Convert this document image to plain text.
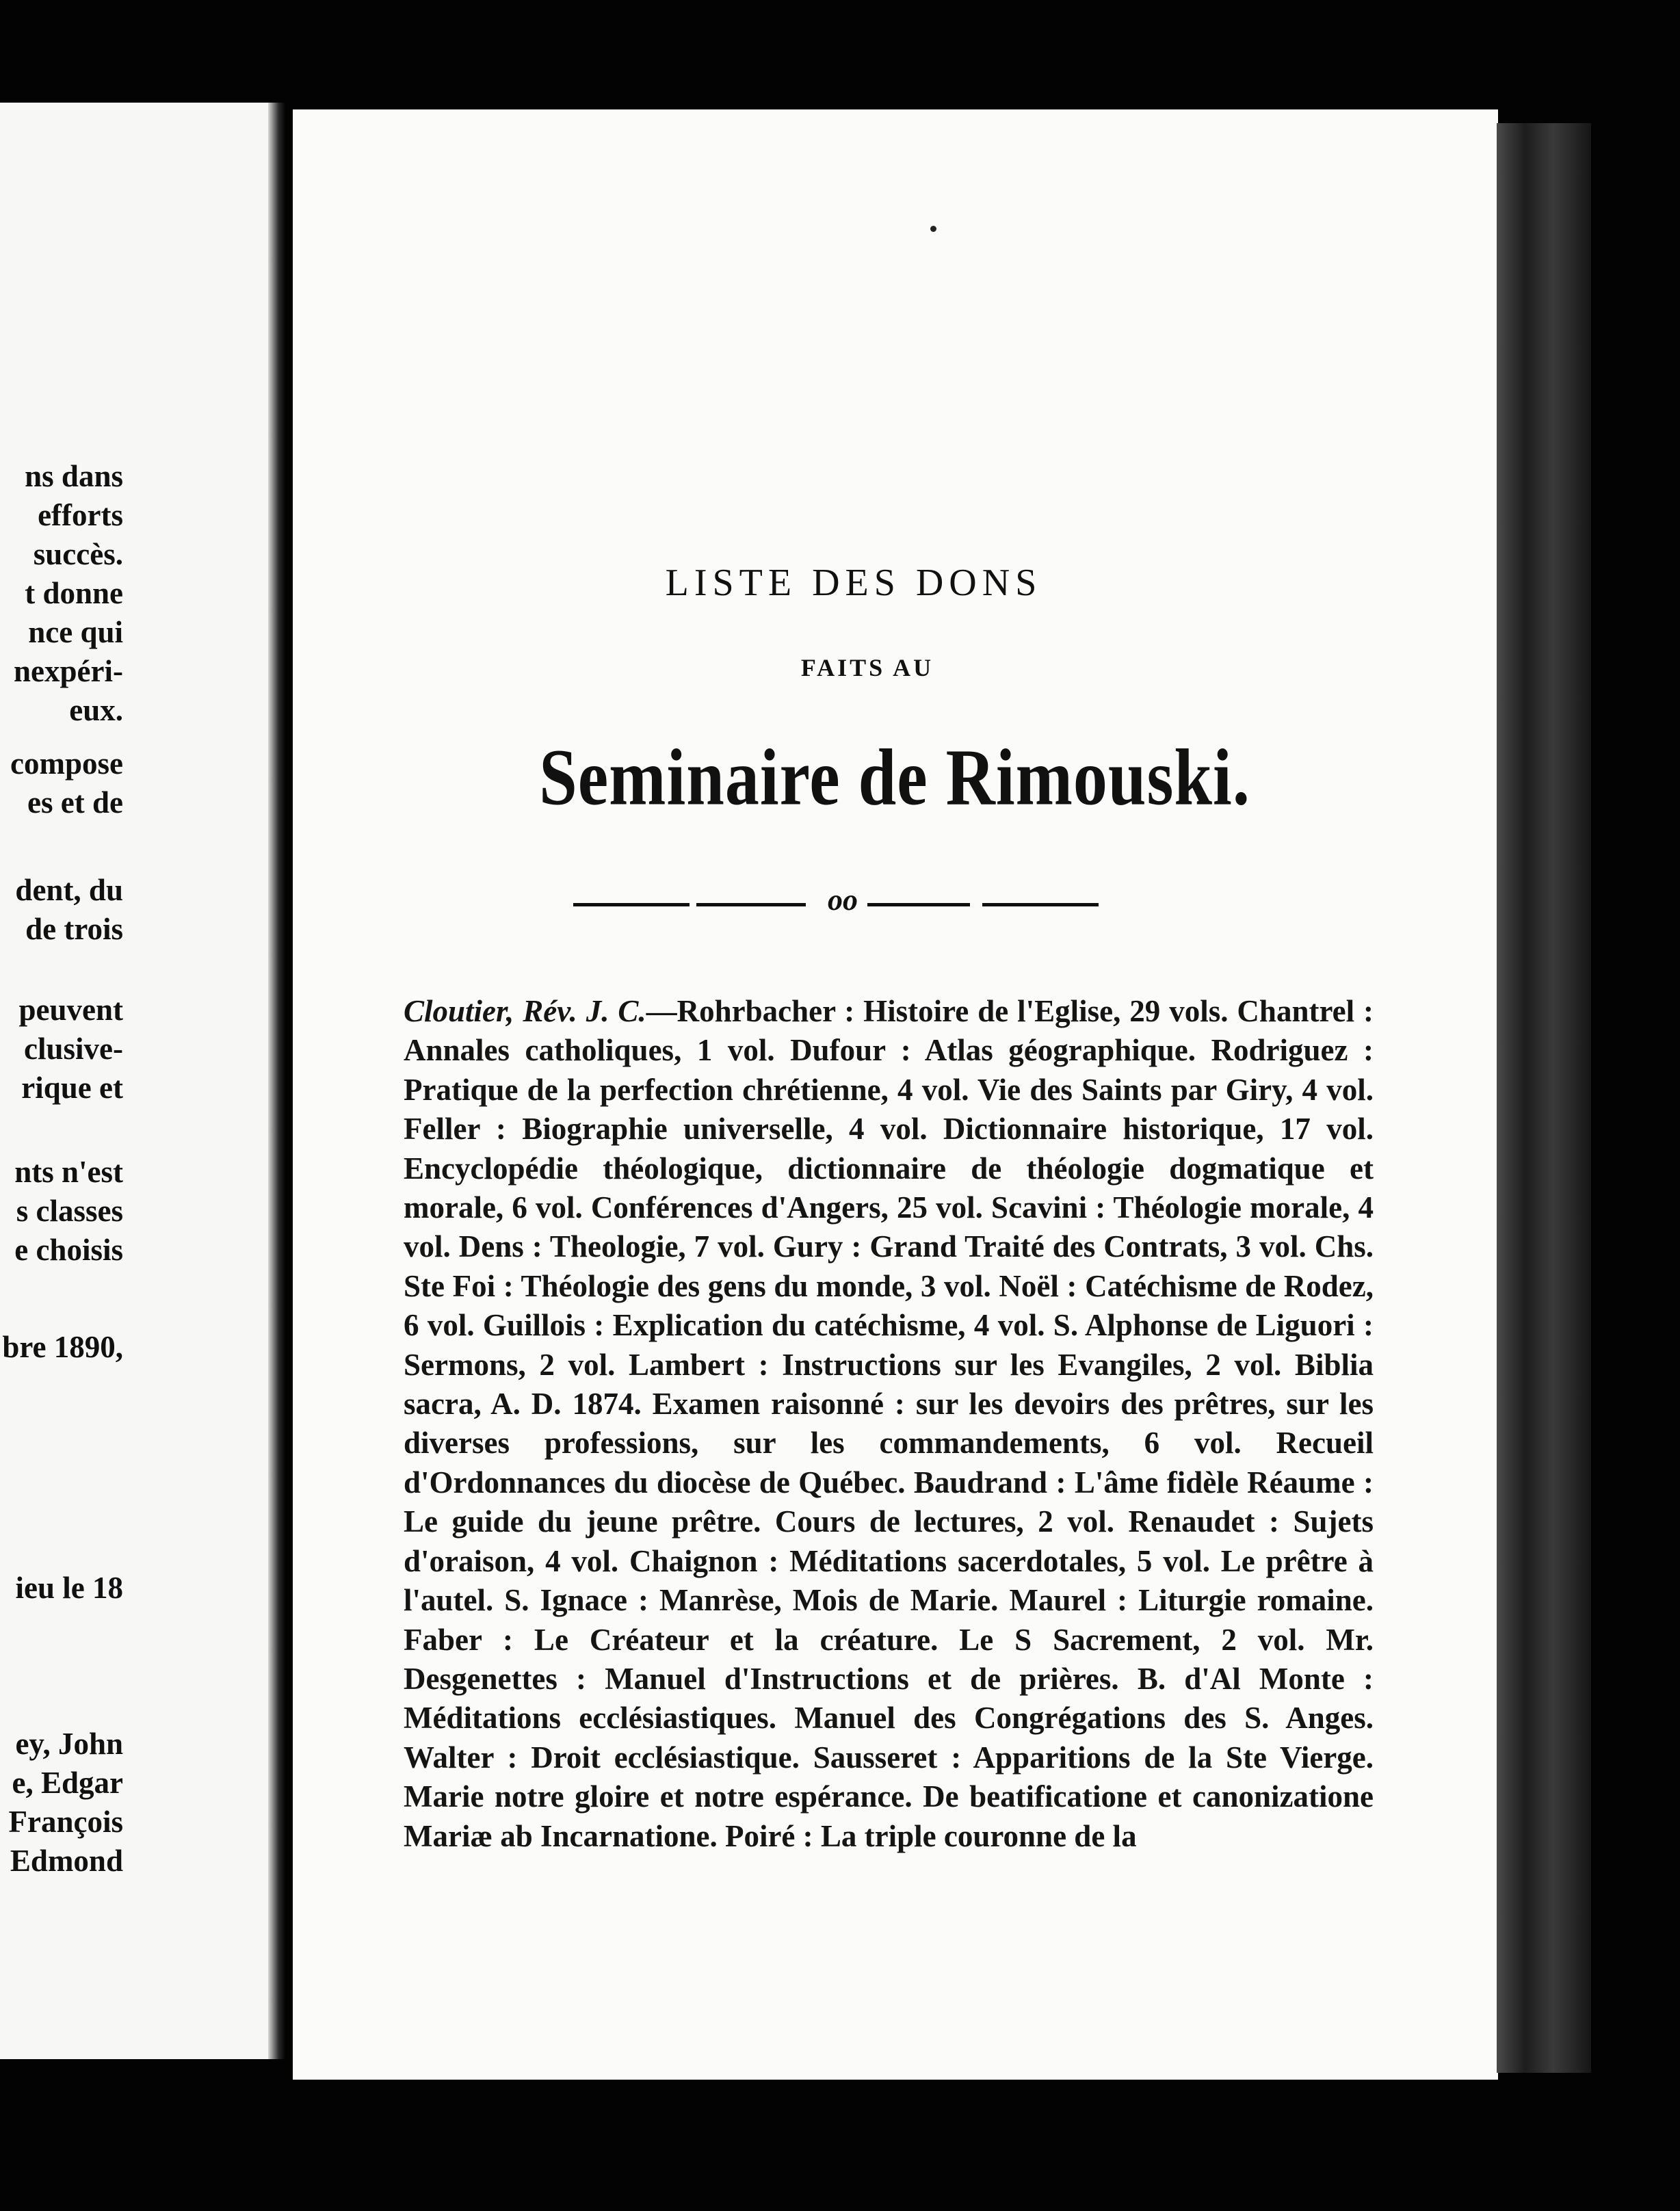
ns dans
efforts
succès.
t donne
nce qui
nexpéri-
eux.
compose
es et de
dent, du
de trois
peuvent
clusive-
rique et
nts n'est
s classes
e choisis
bre 1890,
ieu le 18
ey, John
e, Edgar
François
Edmond
LISTE DES DONS
FAITS AU
Seminaire de Rimouski.
oo
Cloutier, Rév. J. C.—Rohrbacher : Histoire de l'Eglise, 29 vols. Chantrel : Annales catholiques, 1 vol. Dufour : Atlas géographique. Rodriguez : Pratique de la perfection chrétienne, 4 vol. Vie des Saints par Giry, 4 vol. Feller : Biographie universelle, 4 vol. Dictionnaire historique, 17 vol. Encyclopédie théologique, dictionnaire de théologie dogmatique et morale, 6 vol. Conférences d'Angers, 25 vol. Scavini : Théologie morale, 4 vol. Dens : Theologie, 7 vol. Gury : Grand Traité des Contrats, 3 vol. Chs. Ste Foi : Théologie des gens du monde, 3 vol. Noël : Catéchisme de Rodez, 6 vol. Guillois : Explication du catéchisme, 4 vol. S. Alphonse de Liguori : Sermons, 2 vol. Lambert : Instructions sur les Evangiles, 2 vol. Biblia sacra, A. D. 1874. Examen raisonné : sur les devoirs des prêtres, sur les diverses professions, sur les commandements, 6 vol. Recueil d'Ordonnances du diocèse de Québec. Baudrand : L'âme fidèle Réaume : Le guide du jeune prêtre. Cours de lectures, 2 vol. Renaudet : Sujets d'oraison, 4 vol. Chaignon : Méditations sacerdotales, 5 vol. Le prêtre à l'autel. S. Ignace : Manrèse, Mois de Marie. Maurel : Liturgie romaine. Faber : Le Créateur et la créature. Le S Sacrement, 2 vol. Mr. Desgenettes : Manuel d'Instructions et de prières. B. d'Al Monte : Méditations ecclésiastiques. Manuel des Congrégations des S. Anges. Walter : Droit ecclésiastique. Sausseret : Apparitions de la Ste Vierge. Marie notre gloire et notre espérance. De beatificatione et canonizatione Mariæ ab Incarnatione. Poiré : La triple couronne de la
